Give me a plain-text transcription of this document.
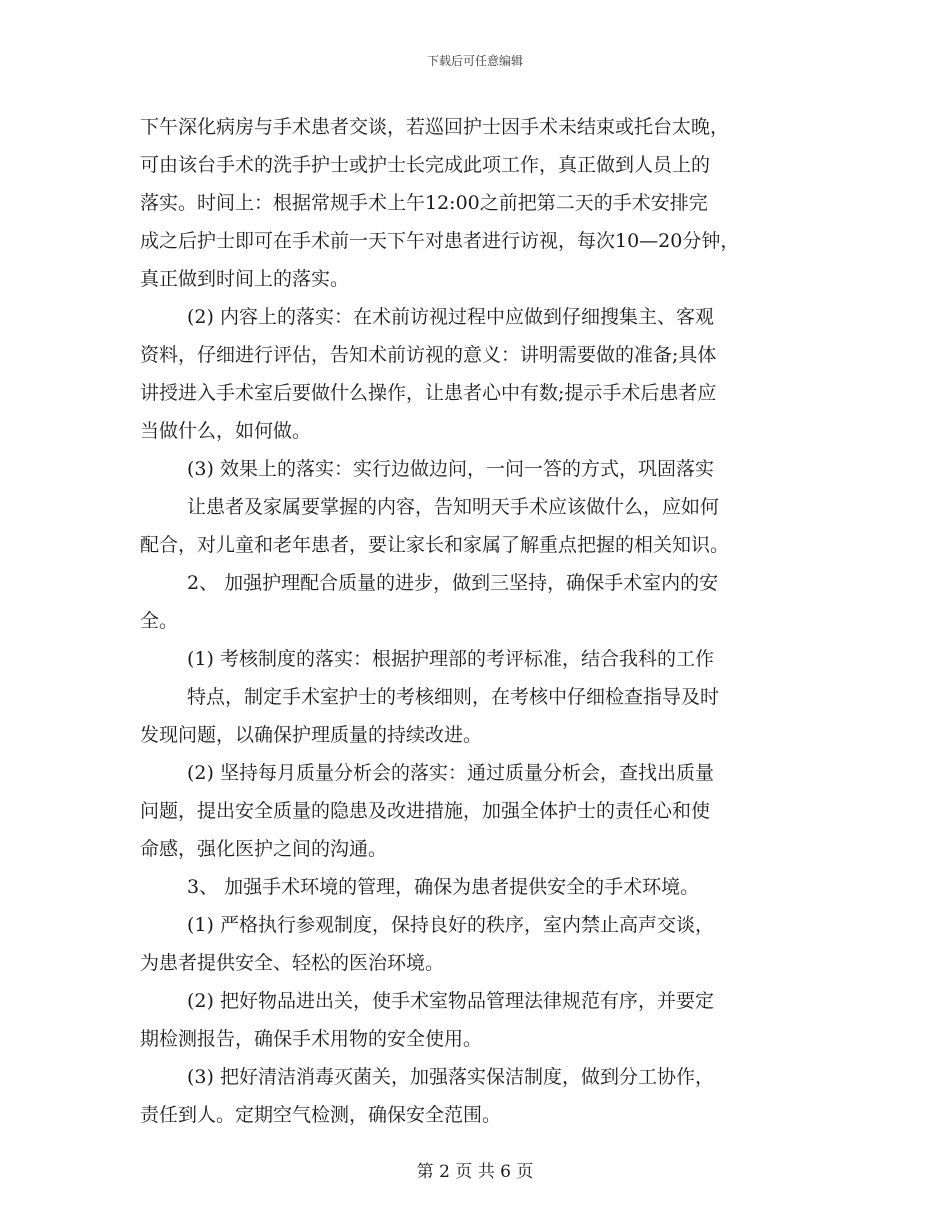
下载后可任意编辑
下午深化病房与手术患者交谈，若巡回护士因手术未结束或托台太晚，
可由该台手术的洗手护士或护士长完成此项工作，真正做到人员上的
落实。时间上：根据常规手术上午12:00之前把第二天的手术安排完
成之后护士即可在手术前一天下午对患者进行访视，每次10—20分钟，
真正做到时间上的落实。
(2) 内容上的落实：在术前访视过程中应做到仔细搜集主、客观
资料，仔细进行评估，告知术前访视的意义：讲明需要做的准备;具体
讲授进入手术室后要做什么操作，让患者心中有数;提示手术后患者应
当做什么，如何做。
(3) 效果上的落实：实行边做边问，一问一答的方式，巩固落实
让患者及家属要掌握的内容，告知明天手术应该做什么，应如何
配合，对儿童和老年患者，要让家长和家属了解重点把握的相关知识。
2、 加强护理配合质量的进步，做到三坚持，确保手术室内的安
全。
(1) 考核制度的落实：根据护理部的考评标准，结合我科的工作
特点，制定手术室护士的考核细则，在考核中仔细检查指导及时
发现问题，以确保护理质量的持续改进。
(2) 坚持每月质量分析会的落实：通过质量分析会，查找出质量
问题，提出安全质量的隐患及改进措施，加强全体护士的责任心和使
命感，强化医护之间的沟通。
3、 加强手术环境的管理，确保为患者提供安全的手术环境。
(1) 严格执行参观制度，保持良好的秩序，室内禁止高声交谈，
为患者提供安全、轻松的医治环境。
(2) 把好物品进出关，使手术室物品管理法律规范有序，并要定
期检测报告，确保手术用物的安全使用。
(3) 把好清洁消毒灭菌关，加强落实保洁制度，做到分工协作，
责任到人。定期空气检测，确保安全范围。
第 2 页 共 6 页
